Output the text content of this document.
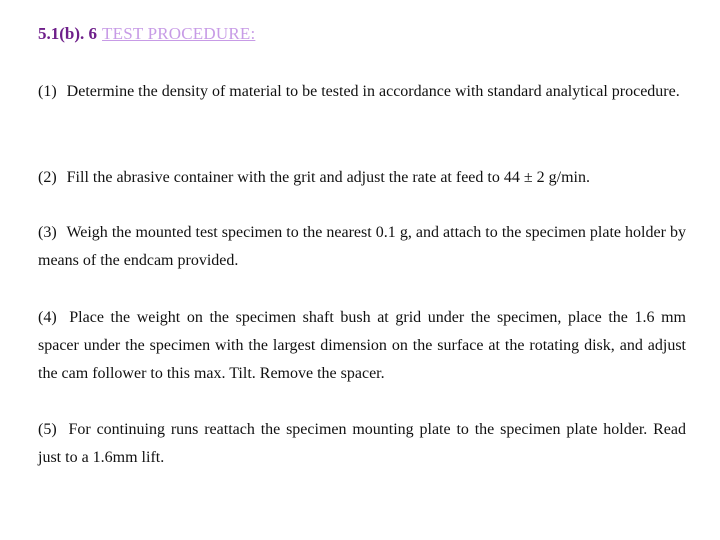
5.1(b). 6 TEST PROCEDURE:
(1) Determine the density of material to be tested in accordance with standard analytical procedure.
(2) Fill the abrasive container with the grit and adjust the rate at feed to 44 ± 2 g/min.
(3) Weigh the mounted test specimen to the nearest 0.1 g, and attach to the specimen plate holder by means of the endcam provided.
(4) Place the weight on the specimen shaft bush at grid under the specimen, place the 1.6 mm spacer under the specimen with the largest dimension on the surface at the rotating disk, and adjust the cam follower to this max. Tilt. Remove the spacer.
(5) For continuing runs reattach the specimen mounting plate to the specimen plate holder. Read just to a 1.6mm lift.
